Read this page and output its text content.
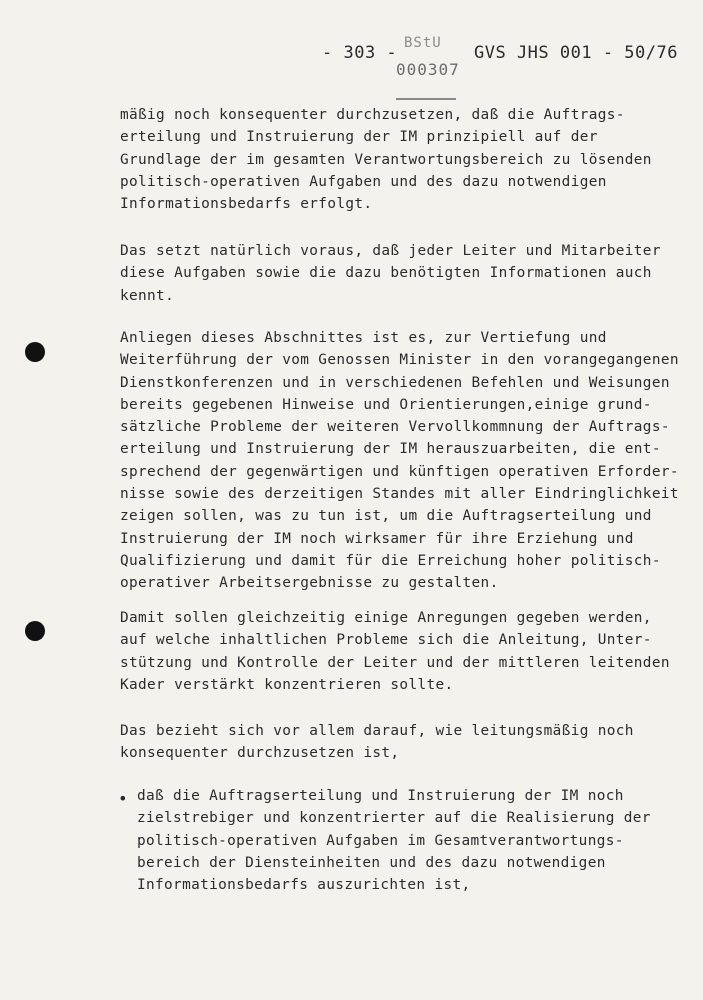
- 303 - BStU
000307
GVS JHS 001 - 50/76

mäßig noch konsequenter durchzusetzen, daß die Auftrags-
erteilung und Instruierung der IM prinzipiell auf der
Grundlage der im gesamten Verantwortungsbereich zu lösenden
politisch-operativen Aufgaben und des dazu notwendigen
Informationsbedarfs erfolgt.

Das setzt natürlich voraus, daß jeder Leiter und Mitarbeiter
diese Aufgaben sowie die dazu benötigten Informationen auch
kennt.

Anliegen dieses Abschnittes ist es, zur Vertiefung und
Weiterführung der vom Genossen Minister in den vorangegangenen
Dienstkonferenzen und in verschiedenen Befehlen und Weisungen
bereits gegebenen Hinweise und Orientierungen,einige grund-
sätzliche Probleme der weiteren Vervollkommnung der Auftrags-
erteilung und Instruierung der IM herauszuarbeiten, die ent-
sprechend der gegenwärtigen und künftigen operativen Erforder-
nisse sowie des derzeitigen Standes mit aller Eindringlichkeit
zeigen sollen, was zu tun ist, um die Auftragserteilung und
Instruierung der IM noch wirksamer für ihre Erziehung und
Qualifizierung und damit für die Erreichung hoher politisch-
operativer Arbeitsergebnisse zu gestalten.

Damit sollen gleichzeitig einige Anregungen gegeben werden,
auf welche inhaltlichen Probleme sich die Anleitung, Unter-
stützung und Kontrolle der Leiter und der mittleren leitenden
Kader verstärkt konzentrieren sollte.

Das bezieht sich vor allem darauf, wie leitungsmäßig noch
konsequenter durchzusetzen ist,

• daß die Auftragserteilung und Instruierung der IM noch
zielstrebiger und konzentrierter auf die Realisierung der
politisch-operativen Aufgaben im Gesamtverantwortungs-
bereich der Diensteinheiten und des dazu notwendigen
Informationsbedarfs auszurichten ist,
